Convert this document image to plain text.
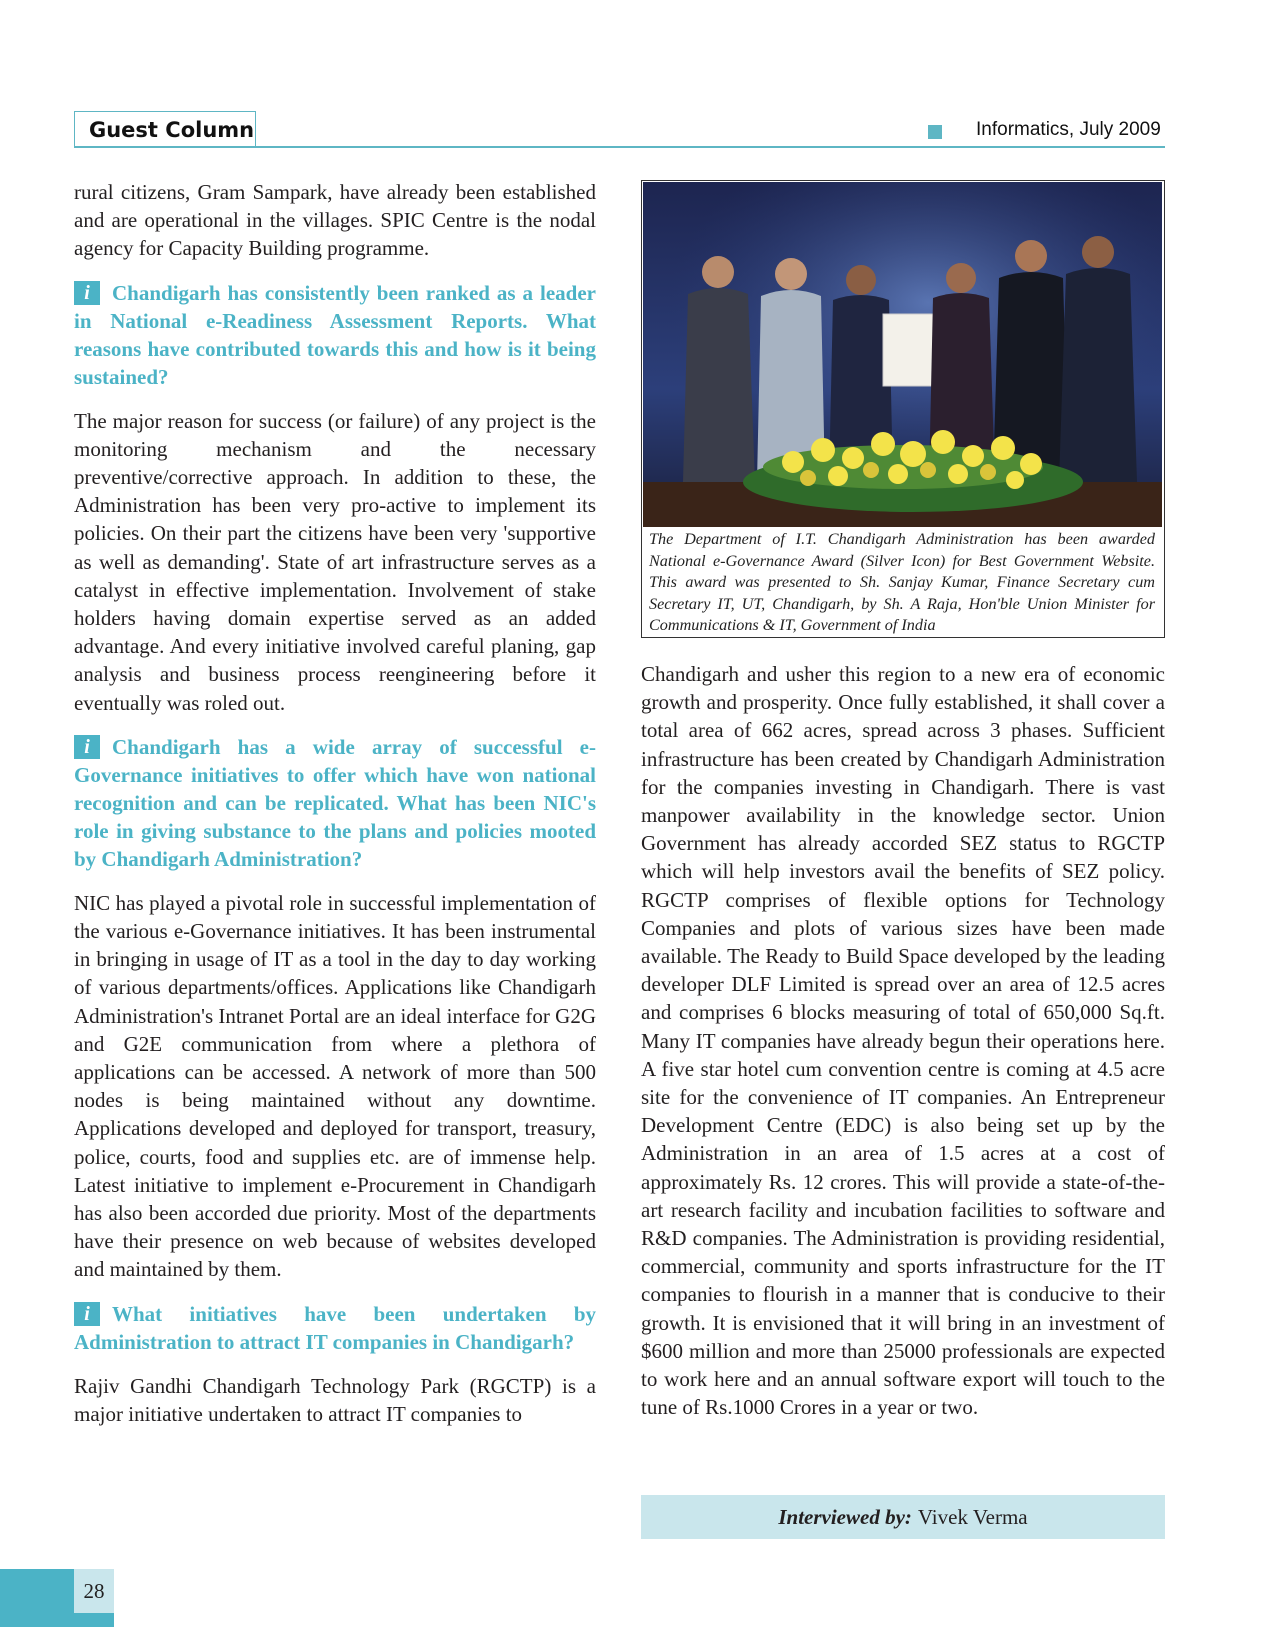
Guest Column	Informatics, July 2009

rural citizens, Gram Sampark, have already been established and are operational in the villages. SPIC Centre is the nodal agency for Capacity Building programme.

i Chandigarh has consistently been ranked as a leader in National e-Readiness Assessment Reports. What reasons have contributed towards this and how is it being sustained?

The major reason for success (or failure) of any project is the monitoring mechanism and the necessary preventive/corrective approach. In addition to these, the Administration has been very pro-active to implement its policies. On their part the citizens have been very 'supportive as well as demanding'. State of art infrastructure serves as a catalyst in effective implementation. Involvement of stake holders having domain expertise served as an added advantage. And every initiative involved careful planing, gap analysis and business process reengineering before it eventually was roled out.

i Chandigarh has a wide array of successful e-Governance initiatives to offer which have won national recognition and can be replicated. What has been NIC's role in giving substance to the plans and policies mooted by Chandigarh Administration?

NIC has played a pivotal role in successful implementation of the various e-Governance initiatives. It has been instrumental in bringing in usage of IT as a tool in the day to day working of various departments/offices. Applications like Chandigarh Administration's Intranet Portal are an ideal interface for G2G and G2E communication from where a plethora of applications can be accessed. A network of more than 500 nodes is being maintained without any downtime. Applications developed and deployed for transport, treasury, police, courts, food and supplies etc. are of immense help. Latest initiative to implement e-Procurement in Chandigarh has also been accorded due priority. Most of the departments have their presence on web because of websites developed and maintained by them.

i What initiatives have been undertaken by Administration to attract IT companies in Chandigarh?

Rajiv Gandhi Chandigarh Technology Park (RGCTP) is a major initiative undertaken to attract IT companies to

The Department of I.T. Chandigarh Administration has been awarded National e-Governance Award (Silver Icon) for Best Government Website. This award was presented to Sh. Sanjay Kumar, Finance Secretary cum Secretary IT, UT, Chandigarh, by Sh. A Raja, Hon'ble Union Minister for Communications & IT, Government of India

Chandigarh and usher this region to a new era of economic growth and prosperity. Once fully established, it shall cover a total area of 662 acres, spread across 3 phases. Sufficient infrastructure has been created by Chandigarh Administration for the companies investing in Chandigarh. There is vast manpower availability in the knowledge sector. Union Government has already accorded SEZ status to RGCTP which will help investors avail the benefits of SEZ policy. RGCTP comprises of flexible options for Technology Companies and plots of various sizes have been made available. The Ready to Build Space developed by the leading developer DLF Limited is spread over an area of 12.5 acres and comprises 6 blocks measuring of total of 650,000 Sq.ft. Many IT companies have already begun their operations here. A five star hotel cum convention centre is coming at 4.5 acre site for the convenience of IT companies. An Entrepreneur Development Centre (EDC) is also being set up by the Administration in an area of 1.5 acres at a cost of approximately Rs. 12 crores. This will provide a state-of-the-art research facility and incubation facilities to software and R&D companies. The Administration is providing residential, commercial, community and sports infrastructure for the IT companies to flourish in a manner that is conducive to their growth. It is envisioned that it will bring in an investment of $600 million and more than 25000 professionals are expected to work here and an annual software export will touch to the tune of Rs.1000 Crores in a year or two.

Interviewed by: Vivek Verma
28
